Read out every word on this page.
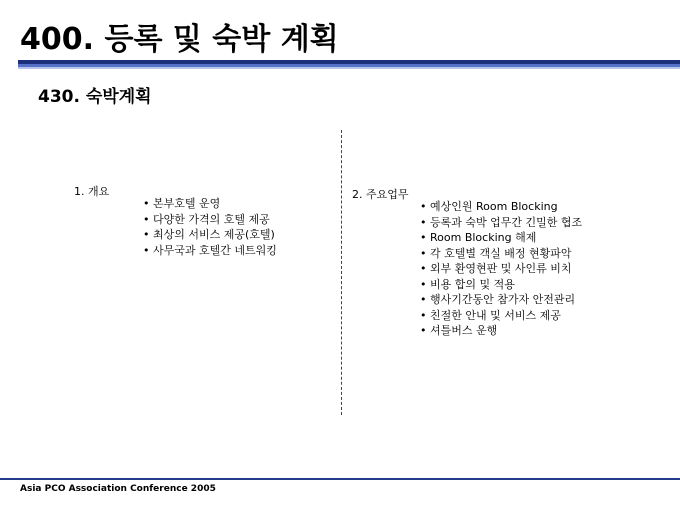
400. 등록 및 숙박 계획
430. 숙박계획
1. 개요
• 본부호텔 운영
• 다양한 가격의 호텔 제공
• 최상의 서비스 제공(호텔)
• 사무국과 호텔간 네트워킹
2. 주요업무
• 예상인원 Room Blocking
• 등록과 숙박 업무간 긴밀한 협조
• Room Blocking 해제
• 각 호텔별 객실 배정 현황파악
• 외부 환영현판 및 사인류 비치
• 비용 합의 및 적용
• 행사기간동안 참가자 안전관리
• 친절한 안내 및 서비스 제공
• 셔틀버스 운행
Asia PCO Association Conference 2005
